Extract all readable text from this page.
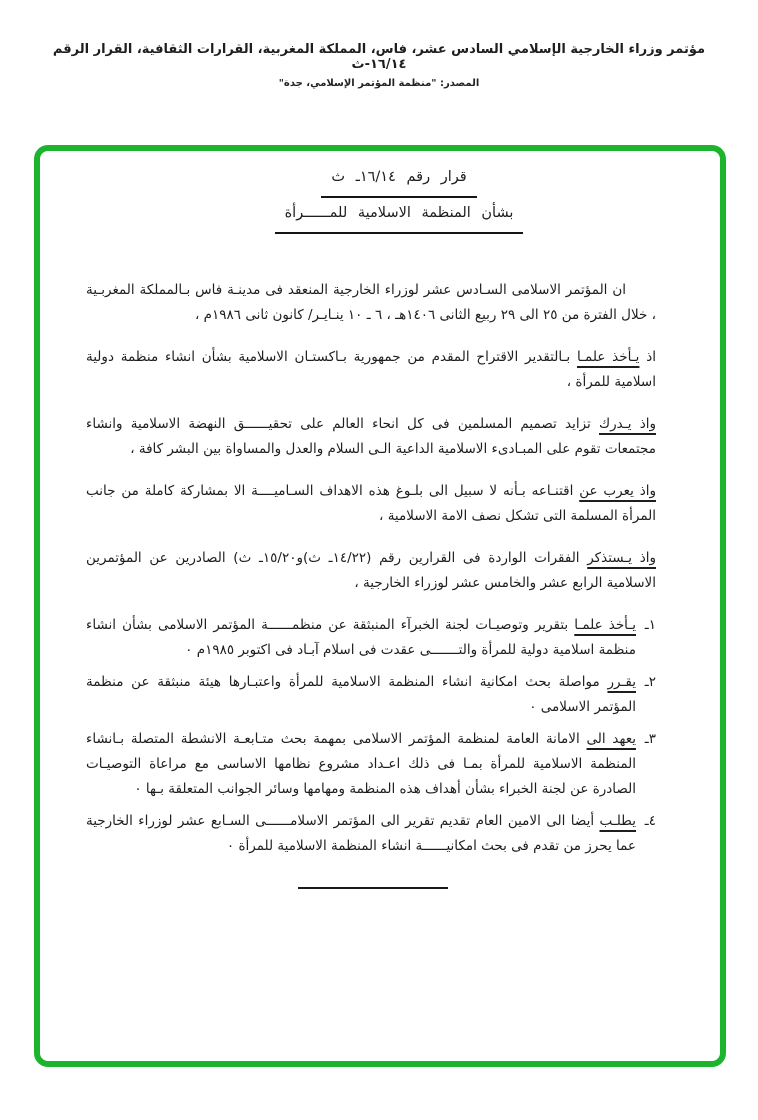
مؤتمر وزراء الخارجية الإسلامي السادس عشر، فاس، المملكة المغربية، القرارات الثقافية، القرار الرقم ١٦/١٤-ث
المصدر: "منظمة المؤتمر الإسلامي، جدة"
قرار رقم ١٦/١٤ـ ث
بشأن المنظمة الاسلامية للمــــــرأة

ان المؤتمر الاسلامى السـادس عشر لوزراء الخارجية المنعقد فى مدينـة فاس بـالمملكة المغربـية ، خلال الفترة من ٢٥ الى ٢٩ ربيع الثانى ١٤٠٦هـ ، ٦ ـ ١٠ ينـايـر/ كانون ثانى ١٩٨٦م ،

اذ يـأخذ علمـا بـالتقدير الاقتراح المقدم من جمهورية بـاكستـان الاسلامية بشأن انشاء منظمة دولية اسلامية للمرأة ،

واذ يـدرك تزايد تصميم المسلمين فى كل انحاء العالم على تحقيــــــق النهضة الاسلامية وانشاء مجتمعات تقوم على المبـادىء الاسلامية الداعية الـى السلام والعدل والمساواة بين البشر كافة ،

واذ يعرب عن اقتنـاعه بـأنه لا سبيل الى بلـوغ هذه الاهداف السـاميــــة الا بمشاركة كاملة من جانب المرأة المسلمة التى تشكل نصف الامة الاسلامية ،

واذ يـستذكر الفقرات الواردة فى القرارين رقم (١٤/٢٢ـ ث)و١٥/٢٠ـ ث) الصادرين عن المؤتمرين الاسلامية الرابع عشر والخامس عشر لوزراء الخارجية ،

١ـ

يـأخذ علمـا بتقرير وتوصيـات لجنة الخبرآء المنبثقة عن منظمــــــة المؤتمر الاسلامى بشأن انشاء منظمة اسلامية دولية للمرأة والتـــــــى عقدت فى اسلام آبـاد فى اكتوبر ١٩٨٥م ٠

٢ـ

يقـرر مواصلة بحث امكانية انشاء المنظمة الاسلامية للمرأة واعتبـارها هيئة منبثقة عن منظمة المؤتمر الاسلامى ٠

٣ـ

يعهد الى الامانة العامة لمنظمة المؤتمر الاسلامى بمهمة بحث متـابعـة الانشطة المتصلة بـانشاء المنظمة الاسلامية للمرأة بمـا فى ذلك اعـداد مشروع نظامها الاساسى مع مراعاة التوصيـات الصادرة عن لجنة الخبراء بشأن أهداف هذه المنظمة ومهامها وسائر الجوانب المتعلقة بـها ٠

٤ـ

يطلـب أيضا الى الامين العام تقديم تقرير الى المؤتمر الاسلامــــــى السـابع عشر لوزراء الخارجية عما يحرز من تقدم فى بحث امكانيــــــة انشاء المنظمة الاسلامية للمرأة ٠
